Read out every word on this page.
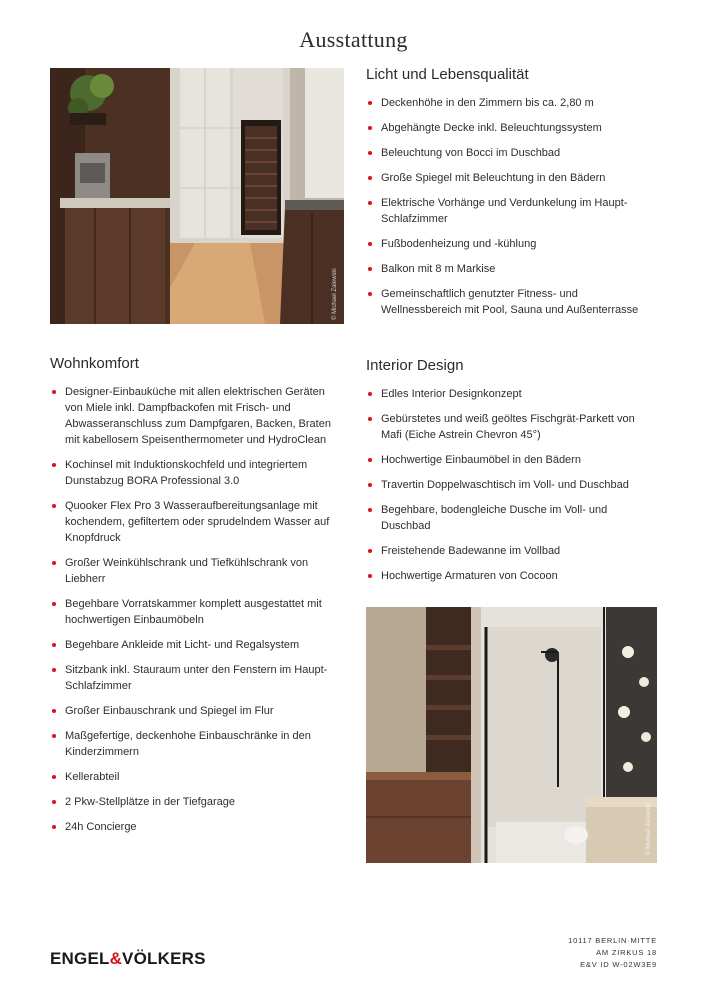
Ausstattung
© Michael Zalewski
Licht und Lebensqualität
Deckenhöhe in den Zimmern bis ca. 2,80 m
Abgehängte Decke inkl. Beleuchtungssystem
Beleuchtung von Bocci im Duschbad
Große Spiegel mit Beleuchtung in den Bädern
Elektrische Vorhänge und Verdunkelung im Haupt-Schlafzimmer
Fußbodenheizung und -kühlung
Balkon mit 8 m Markise
Gemeinschaftlich genutzter Fitness- und Wellnessbereich mit Pool, Sauna und Außenterrasse
Wohnkomfort
Designer-Einbauküche mit allen elektrischen Geräten von Miele inkl. Dampfbackofen mit Frisch- und Abwasseranschluss zum Dampfgaren, Backen, Braten mit kabellosem Speisenthermometer und HydroClean
Kochinsel mit Induktionskochfeld und integriertem Dunstabzug BORA Professional 3.0
Quooker Flex Pro 3 Wasseraufbereitungsanlage mit kochendem, gefiltertem oder sprudelndem Wasser auf Knopfdruck
Großer Weinkühlschrank und Tiefkühlschrank von Liebherr
Begehbare Vorratskammer komplett ausgestattet mit hochwertigen Einbaumöbeln
Begehbare Ankleide mit Licht- und Regalsystem
Sitzbank inkl. Stauraum unter den Fenstern im Haupt-Schlafzimmer
Großer Einbauschrank und Spiegel im Flur
Maßgefertige, deckenhohe Einbauschränke in den Kinderzimmern
Kellerabteil
2 Pkw-Stellplätze in der Tiefgarage
24h Concierge
Interior Design
Edles Interior Designkonzept
Gebürstetes und weiß geöltes Fischgrät-Parkett von Mafi (Eiche Astrein Chevron 45°)
Hochwertige Einbaumöbel in den Bädern
Travertin Doppelwaschtisch im Voll- und Duschbad
Begehbare, bodengleiche Dusche im Voll- und Duschbad
Freistehende Badewanne im Vollbad
Hochwertige Armaturen von Cocoon
© Michael Zalewski
ENGEL&VÖLKERS
10117 BERLIN·MITTE
AM ZIRKUS 18
E&V ID W-02W3E9
